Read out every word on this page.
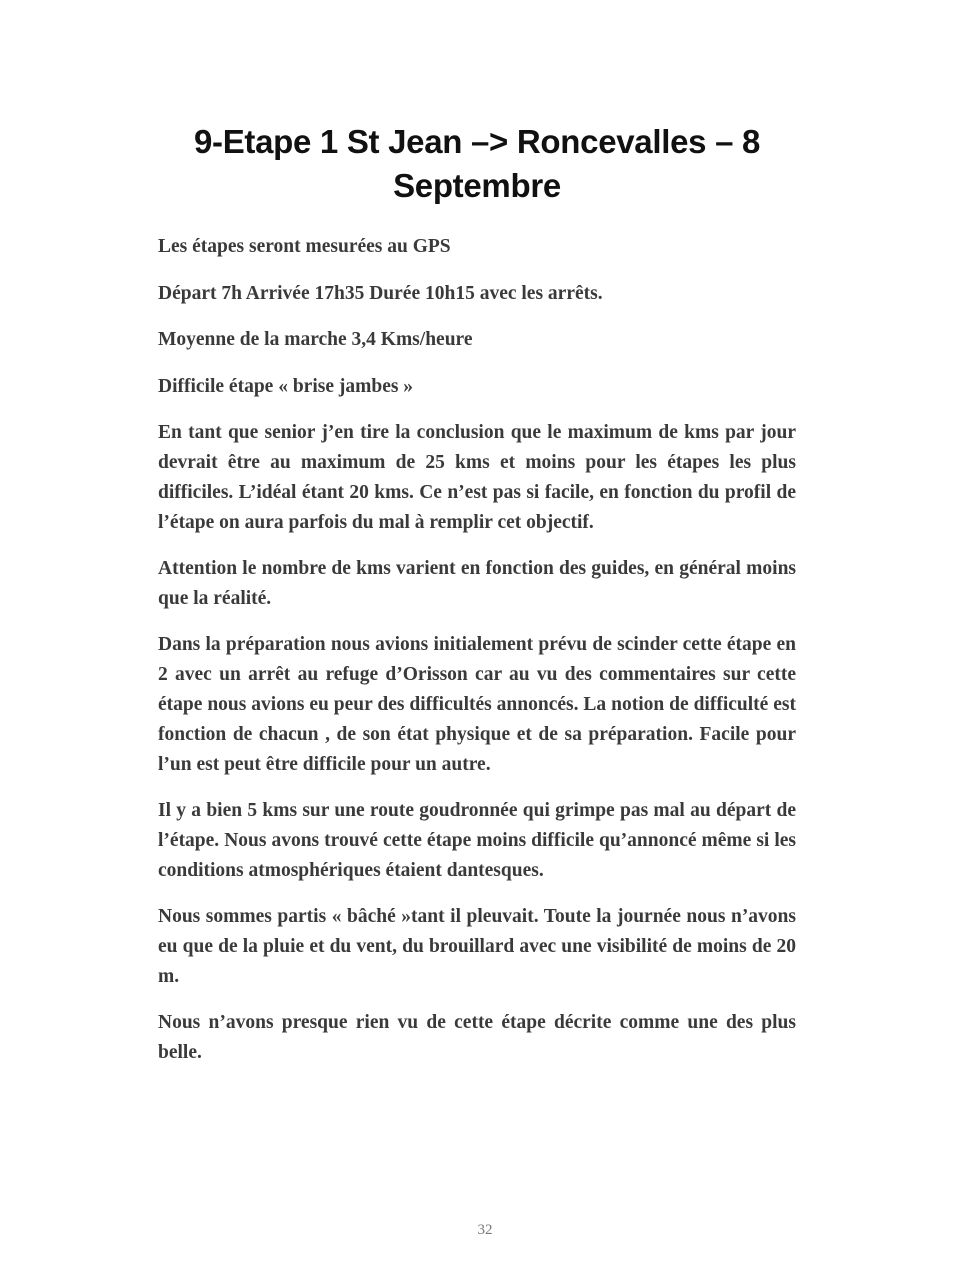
9-Etape 1 St Jean –> Roncevalles – 8 Septembre

Les étapes seront mesurées au GPS

Départ 7h Arrivée 17h35 Durée 10h15 avec les arrêts.

Moyenne de la marche 3,4 Kms/heure

Difficile étape « brise jambes »

En tant que senior j’en tire la conclusion que le maximum de kms par jour devrait être au maximum de 25 kms et moins pour les étapes les plus difficiles. L’idéal étant 20 kms. Ce n’est pas si facile, en fonction du profil de l’étape on aura parfois du mal à remplir cet objectif.

Attention le nombre de kms varient en fonction des guides, en général moins que la réalité.

Dans la préparation nous avions initialement prévu de scinder cette étape en 2 avec un arrêt au refuge d’Orisson car au vu des commentaires sur cette étape nous avions eu peur des difficultés annoncés. La notion de difficulté est fonction de chacun , de son état physique et de sa préparation. Facile pour l’un est peut être difficile pour un autre.

Il y a bien 5 kms sur une route goudronnée qui grimpe pas mal au départ de l’étape. Nous avons trouvé cette étape moins difficile qu’annoncé même si les conditions atmosphériques étaient dantesques.

Nous sommes partis « bâché »tant il pleuvait. Toute la journée nous n’avons eu que de la pluie et du vent, du brouillard avec une visibilité de moins de 20 m.

Nous n’avons presque rien vu de cette étape décrite comme une des plus belle.

32
